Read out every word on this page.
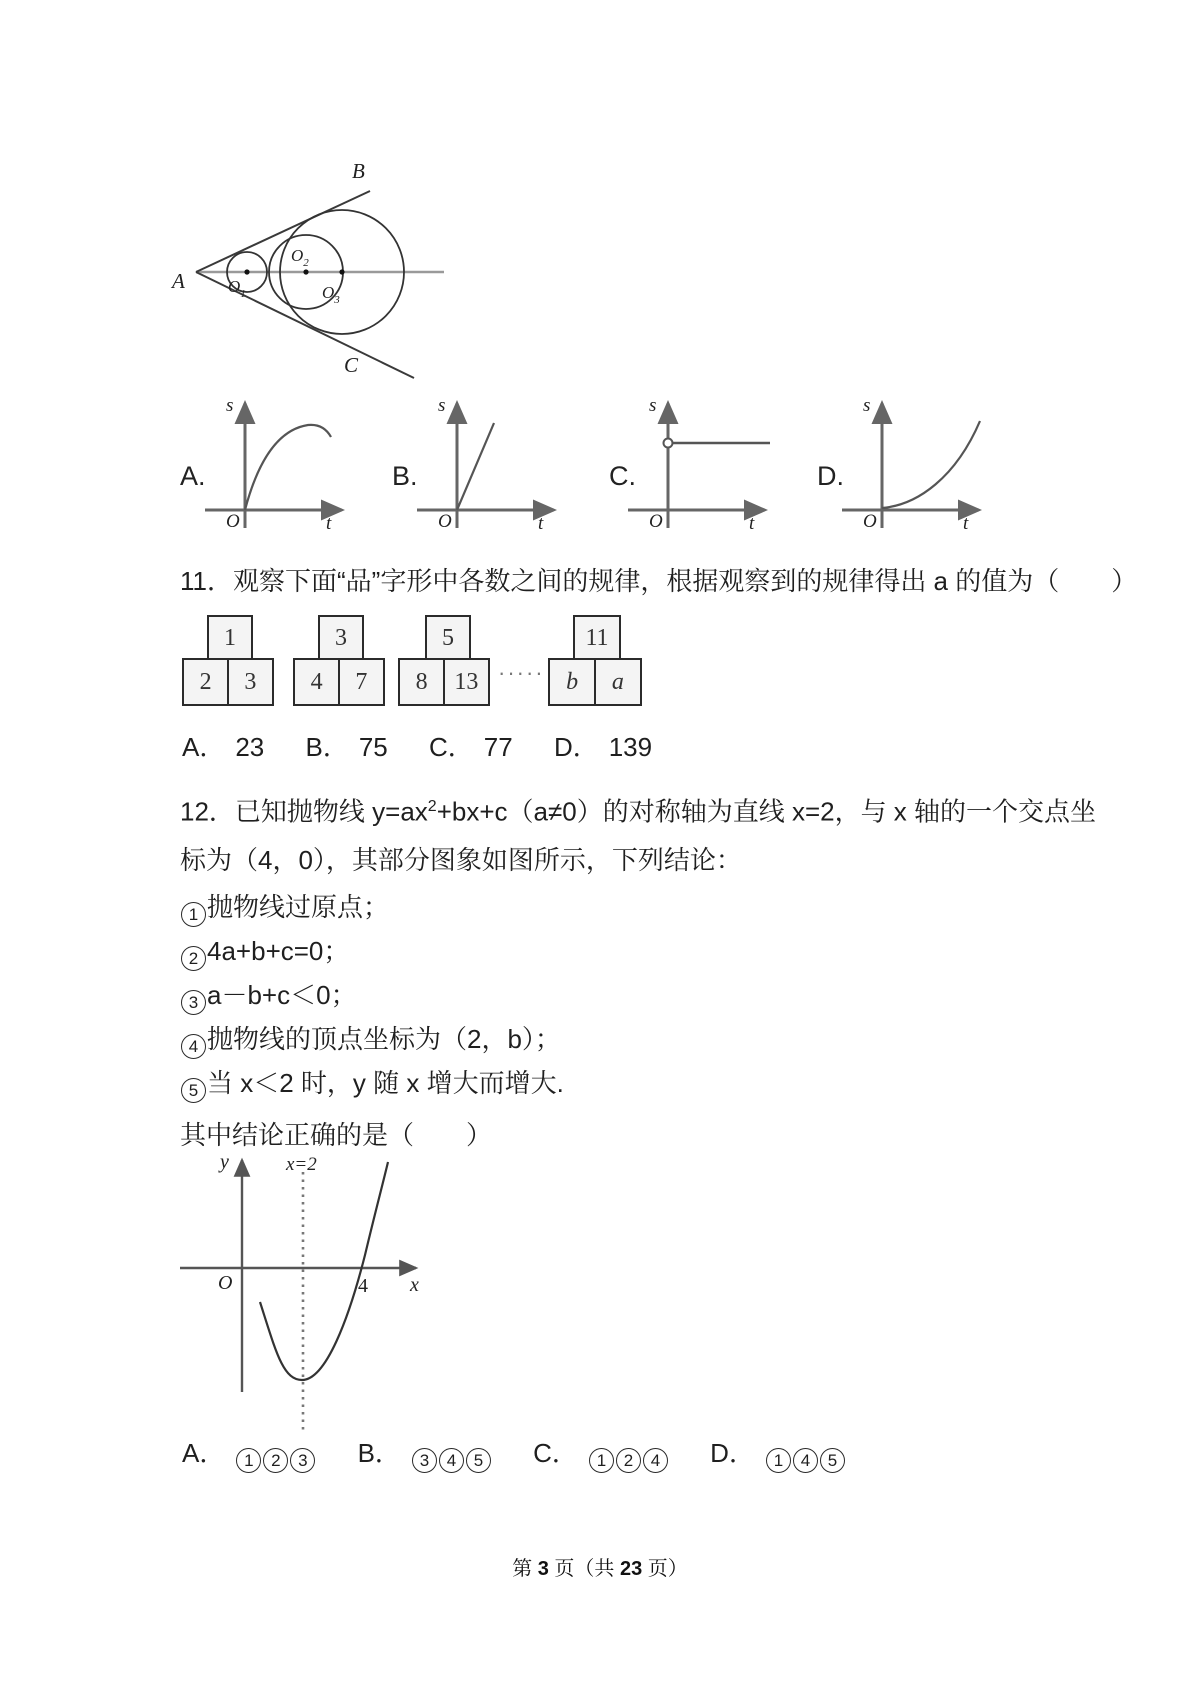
A
B
C
$O_1$
$O_2$
$O_3$
A.
O	t
s
B.
O	t
s
C.
O	t
s
D.
O	t
s
11．观察下面“品”字形中各数之间的规律，根据观察到的规律得出 a 的值为（　　）
1
2	3
3
4	7
5
8	13 ·····
11
b	a
A． 23 B． 75 C． 77 D． 139
12．已知抛物线 $y=ax^2+bx+c(a\ne 0)$的对称轴为直线 x=2，与 x 轴的一个交点坐
标为（4，0），其部分图象如图所示，下列结论：
1 抛物线过原点；
2 4a+b+c=0；
3 a－b+c＜0；
4 抛物线的顶点坐标为（2，b）；
5 当 x＜2 时，y 随 x 增大而增大.
其中结论正确的是（　　）
O
y
x
x=2
4
A． 1 2 3 B． 3 4 5 C． 1 2 4 D． 1 4 5
第 3 页（共 23 页）
